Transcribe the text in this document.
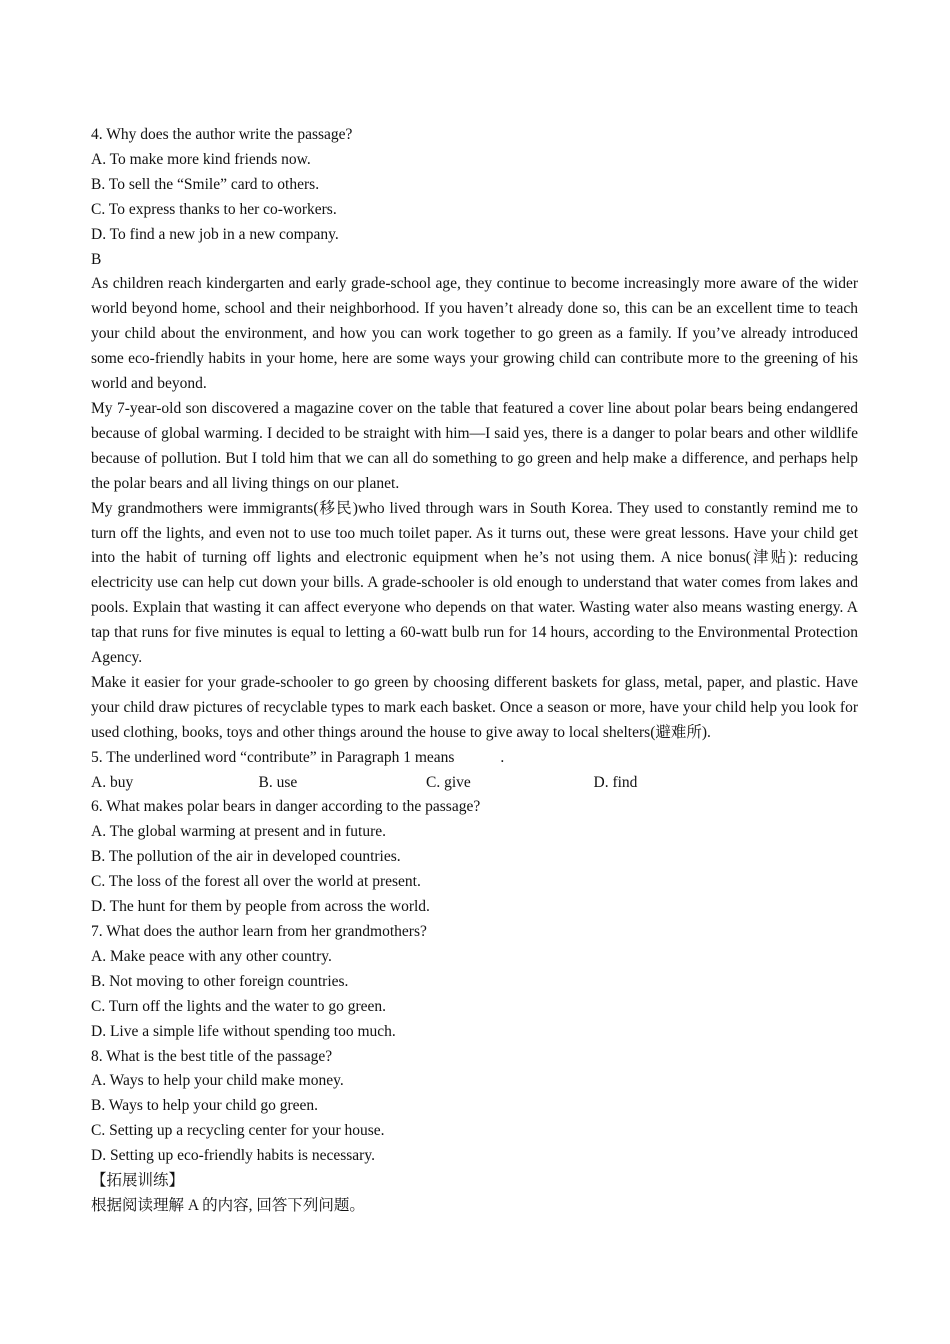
4. Why does the author write the passage?
A. To make more kind friends now.
B. To sell the “Smile” card to others.
C. To express thanks to her co-workers.
D. To find a new job in a new company.
B
As children reach kindergarten and early grade-school age, they continue to become increasingly more aware of the wider world beyond home, school and their neighborhood. If you haven’t already done so, this can be an excellent time to teach your child about the environment, and how you can work together to go green as a family. If you’ve already introduced some eco-friendly habits in your home, here are some ways your growing child can contribute more to the greening of his world and beyond.
My 7-year-old son discovered a magazine cover on the table that featured a cover line about polar bears being endangered because of global warming. I decided to be straight with him—I said yes, there is a danger to polar bears and other wildlife because of pollution. But I told him that we can all do something to go green and help make a difference, and perhaps help the polar bears and all living things on our planet.
My grandmothers were immigrants(移民)who lived through wars in South Korea. They used to constantly remind me to turn off the lights, and even not to use too much toilet paper. As it turns out, these were great lessons. Have your child get into the habit of turning off lights and electronic equipment when he’s not using them. A nice bonus(津贴): reducing electricity use can help cut down your bills. A grade-schooler is old enough to understand that water comes from lakes and pools. Explain that wasting it can affect everyone who depends on that water. Wasting water also means wasting energy. A tap that runs for five minutes is equal to letting a 60-watt bulb run for 14 hours, according to the Environmental Protection Agency.
Make it easier for your grade-schooler to go green by choosing different baskets for glass, metal, paper, and plastic. Have your child draw pictures of recyclable types to mark each basket. Once a season or more, have your child help you look for used clothing, books, toys and other things around the house to give away to local shelters(避难所).
5. The underlined word “contribute” in Paragraph 1 means	.
A. buy	B. use	C. give	D. find
6. What makes polar bears in danger according to the passage?
A. The global warming at present and in future.
B. The pollution of the air in developed countries.
C. The loss of the forest all over the world at present.
D. The hunt for them by people from across the world.
7. What does the author learn from her grandmothers?
A. Make peace with any other country.
B. Not moving to other foreign countries.
C. Turn off the lights and the water to go green.
D. Live a simple life without spending too much.
8. What is the best title of the passage?
A. Ways to help your child make money.
B. Ways to help your child go green.
C. Setting up a recycling center for your house.
D. Setting up eco-friendly habits is necessary.
【拓展训练】
根据阅读理解 A 的内容, 回答下列问题。
